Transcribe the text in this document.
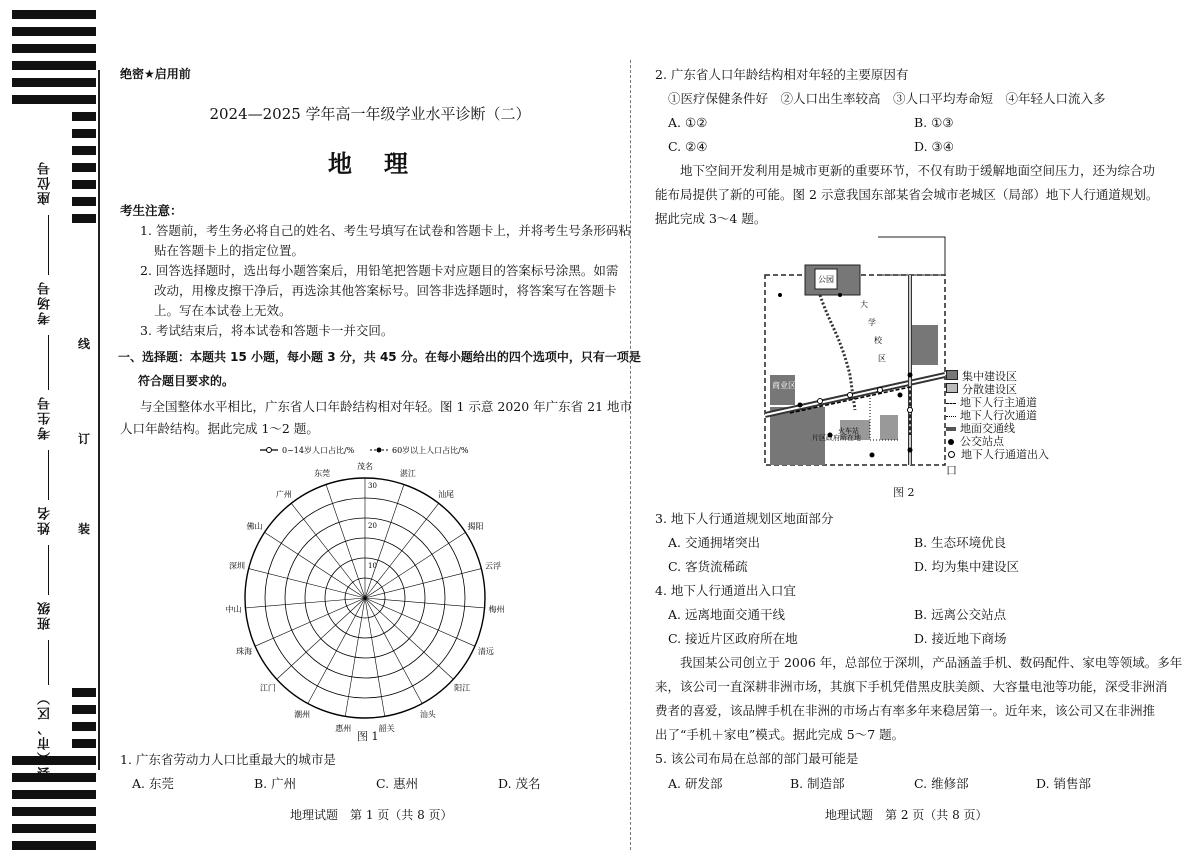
座位号
考场号
考生号
姓名
班级
县（市、区）
线
订
装
绝密★启用前
2024—2025 学年高一年级学业水平诊断（二）
地　理
考生注意：
1. 答题前，考生务必将自己的姓名、考生号填写在试卷和答题卡上，并将考生号条形码粘
贴在答题卡上的指定位置。
2. 回答选择题时，选出每小题答案后，用铅笔把答题卡对应题目的答案标号涂黑。如需
改动，用橡皮擦干净后，再选涂其他答案标号。回答非选择题时，将答案写在答题卡
上。写在本试卷上无效。
3. 考试结束后，将本试卷和答题卡一并交回。
一、选择题：本题共 15 小题，每小题 3 分，共 45 分。在每小题给出的四个选项中，只有一项是
符合题目要求的。
与全国整体水平相比，广东省人口年龄结构相对年轻。图 1 示意 2020 年广东省 21 地市
人口年龄结构。据此完成 1～2 题。
0~14岁人口占比/%	60岁以上人口占比/%
茂名
湛江
汕尾
揭阳
云浮
梅州
清远
阳江
汕头
韶关
惠州
潮州
江门
珠海
中山
深圳
佛山
广州
东莞
10
20
30
图 1
1. 广东省劳动力人口比重最大的城市是
A. 东莞	B. 广州	C. 惠州	D. 茂名
地理试题　第 1 页（共 8 页）
2. 广东省人口年龄结构相对年轻的主要原因有
①医疗保健条件好　②人口出生率较高　③人口平均寿命短　④年轻人口流入多
A. ①②	B. ①③
C. ②④	D. ③④
地下空间开发利用是城市更新的重要环节，不仅有助于缓解地面空间压力，还为综合功
能布局提供了新的可能。图 2 示意我国东部某省会城市老城区（局部）地下人行通道规划。
据此完成 3～4 题。
公园
商业区
片区政府所在地
火车站
大
学
校
区
集中建设区
分散建设区
地下人行主通道
地下人行次通道
地面交通线
公交站点
地下人行通道出入口
图 2
3. 地下人行通道规划区地面部分
A. 交通拥堵突出	B. 生态环境优良
C. 客货流稀疏	D. 均为集中建设区
4. 地下人行通道出入口宜
A. 远离地面交通干线	B. 远离公交站点
C. 接近片区政府所在地	D. 接近地下商场
我国某公司创立于 2006 年，总部位于深圳，产品涵盖手机、数码配件、家电等领域。多年
来，该公司一直深耕非洲市场，其旗下手机凭借黑皮肤美颜、大容量电池等功能，深受非洲消
费者的喜爱，该品牌手机在非洲的市场占有率多年来稳居第一。近年来，该公司又在非洲推
出了“手机＋家电”模式。据此完成 5～7 题。
5. 该公司布局在总部的部门最可能是
A. 研发部	B. 制造部	C. 维修部	D. 销售部
地理试题　第 2 页（共 8 页）
